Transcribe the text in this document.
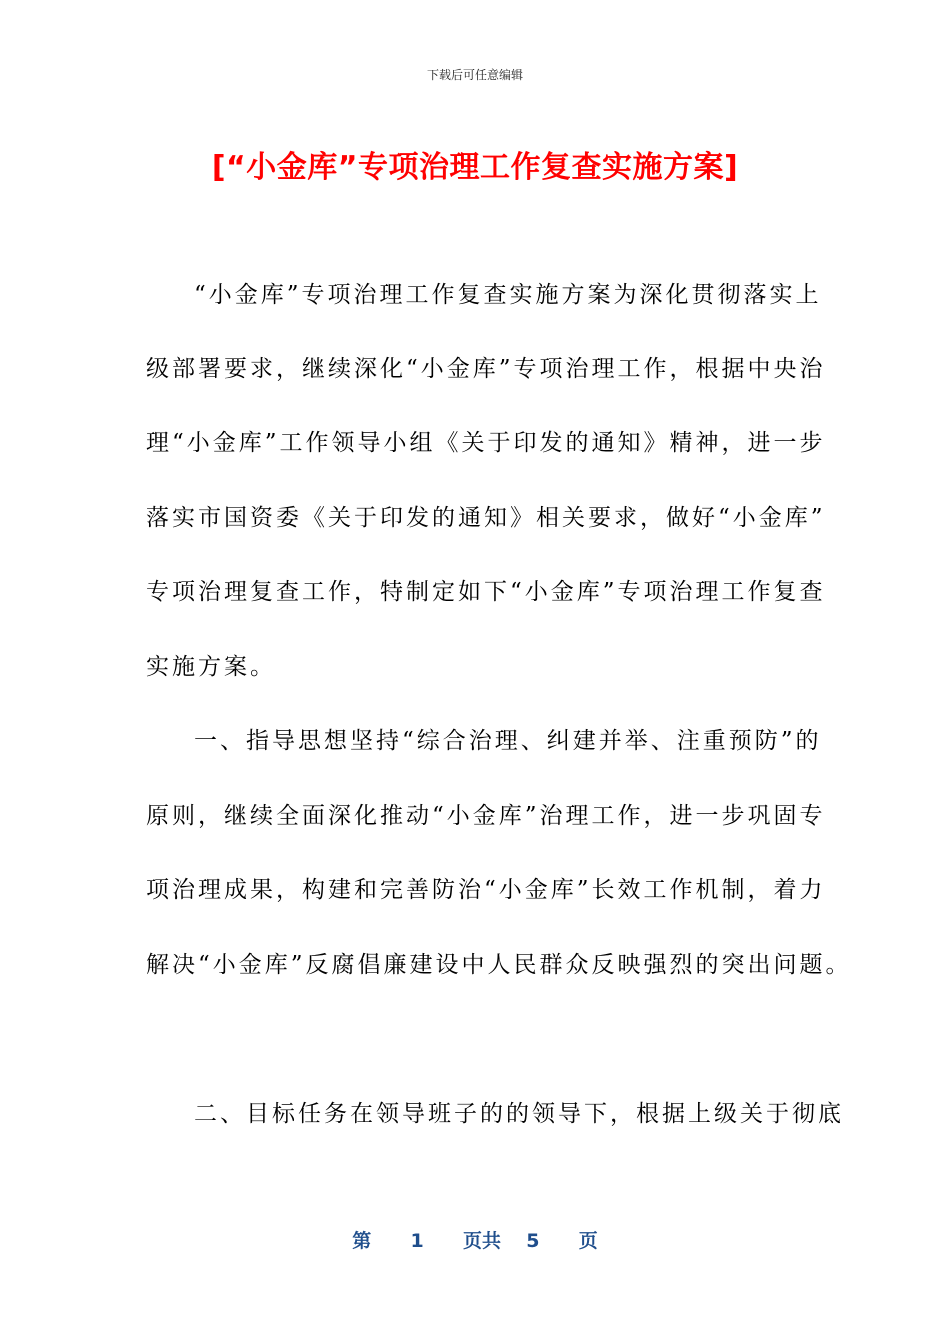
下载后可任意编辑
[“小金库”专项治理工作复查实施方案]
“小金库”专项治理工作复查实施方案为深化贯彻落实上
级部署要求，继续深化“小金库”专项治理工作，根据中央治
理“小金库”工作领导小组《关于印发的通知》精神，进一步
落实市国资委《关于印发的通知》相关要求，做好“小金库”
专项治理复查工作，特制定如下“小金库”专项治理工作复查
实施方案。
一、指导思想坚持“综合治理、纠建并举、注重预防”的
原则，继续全面深化推动“小金库”治理工作，进一步巩固专
项治理成果，构建和完善防治“小金库”长效工作机制，着力
解决“小金库”反腐倡廉建设中人民群众反映强烈的突出问题。
二、目标任务在领导班子的的领导下，根据上级关于彻底
第 1 页共 5 页
